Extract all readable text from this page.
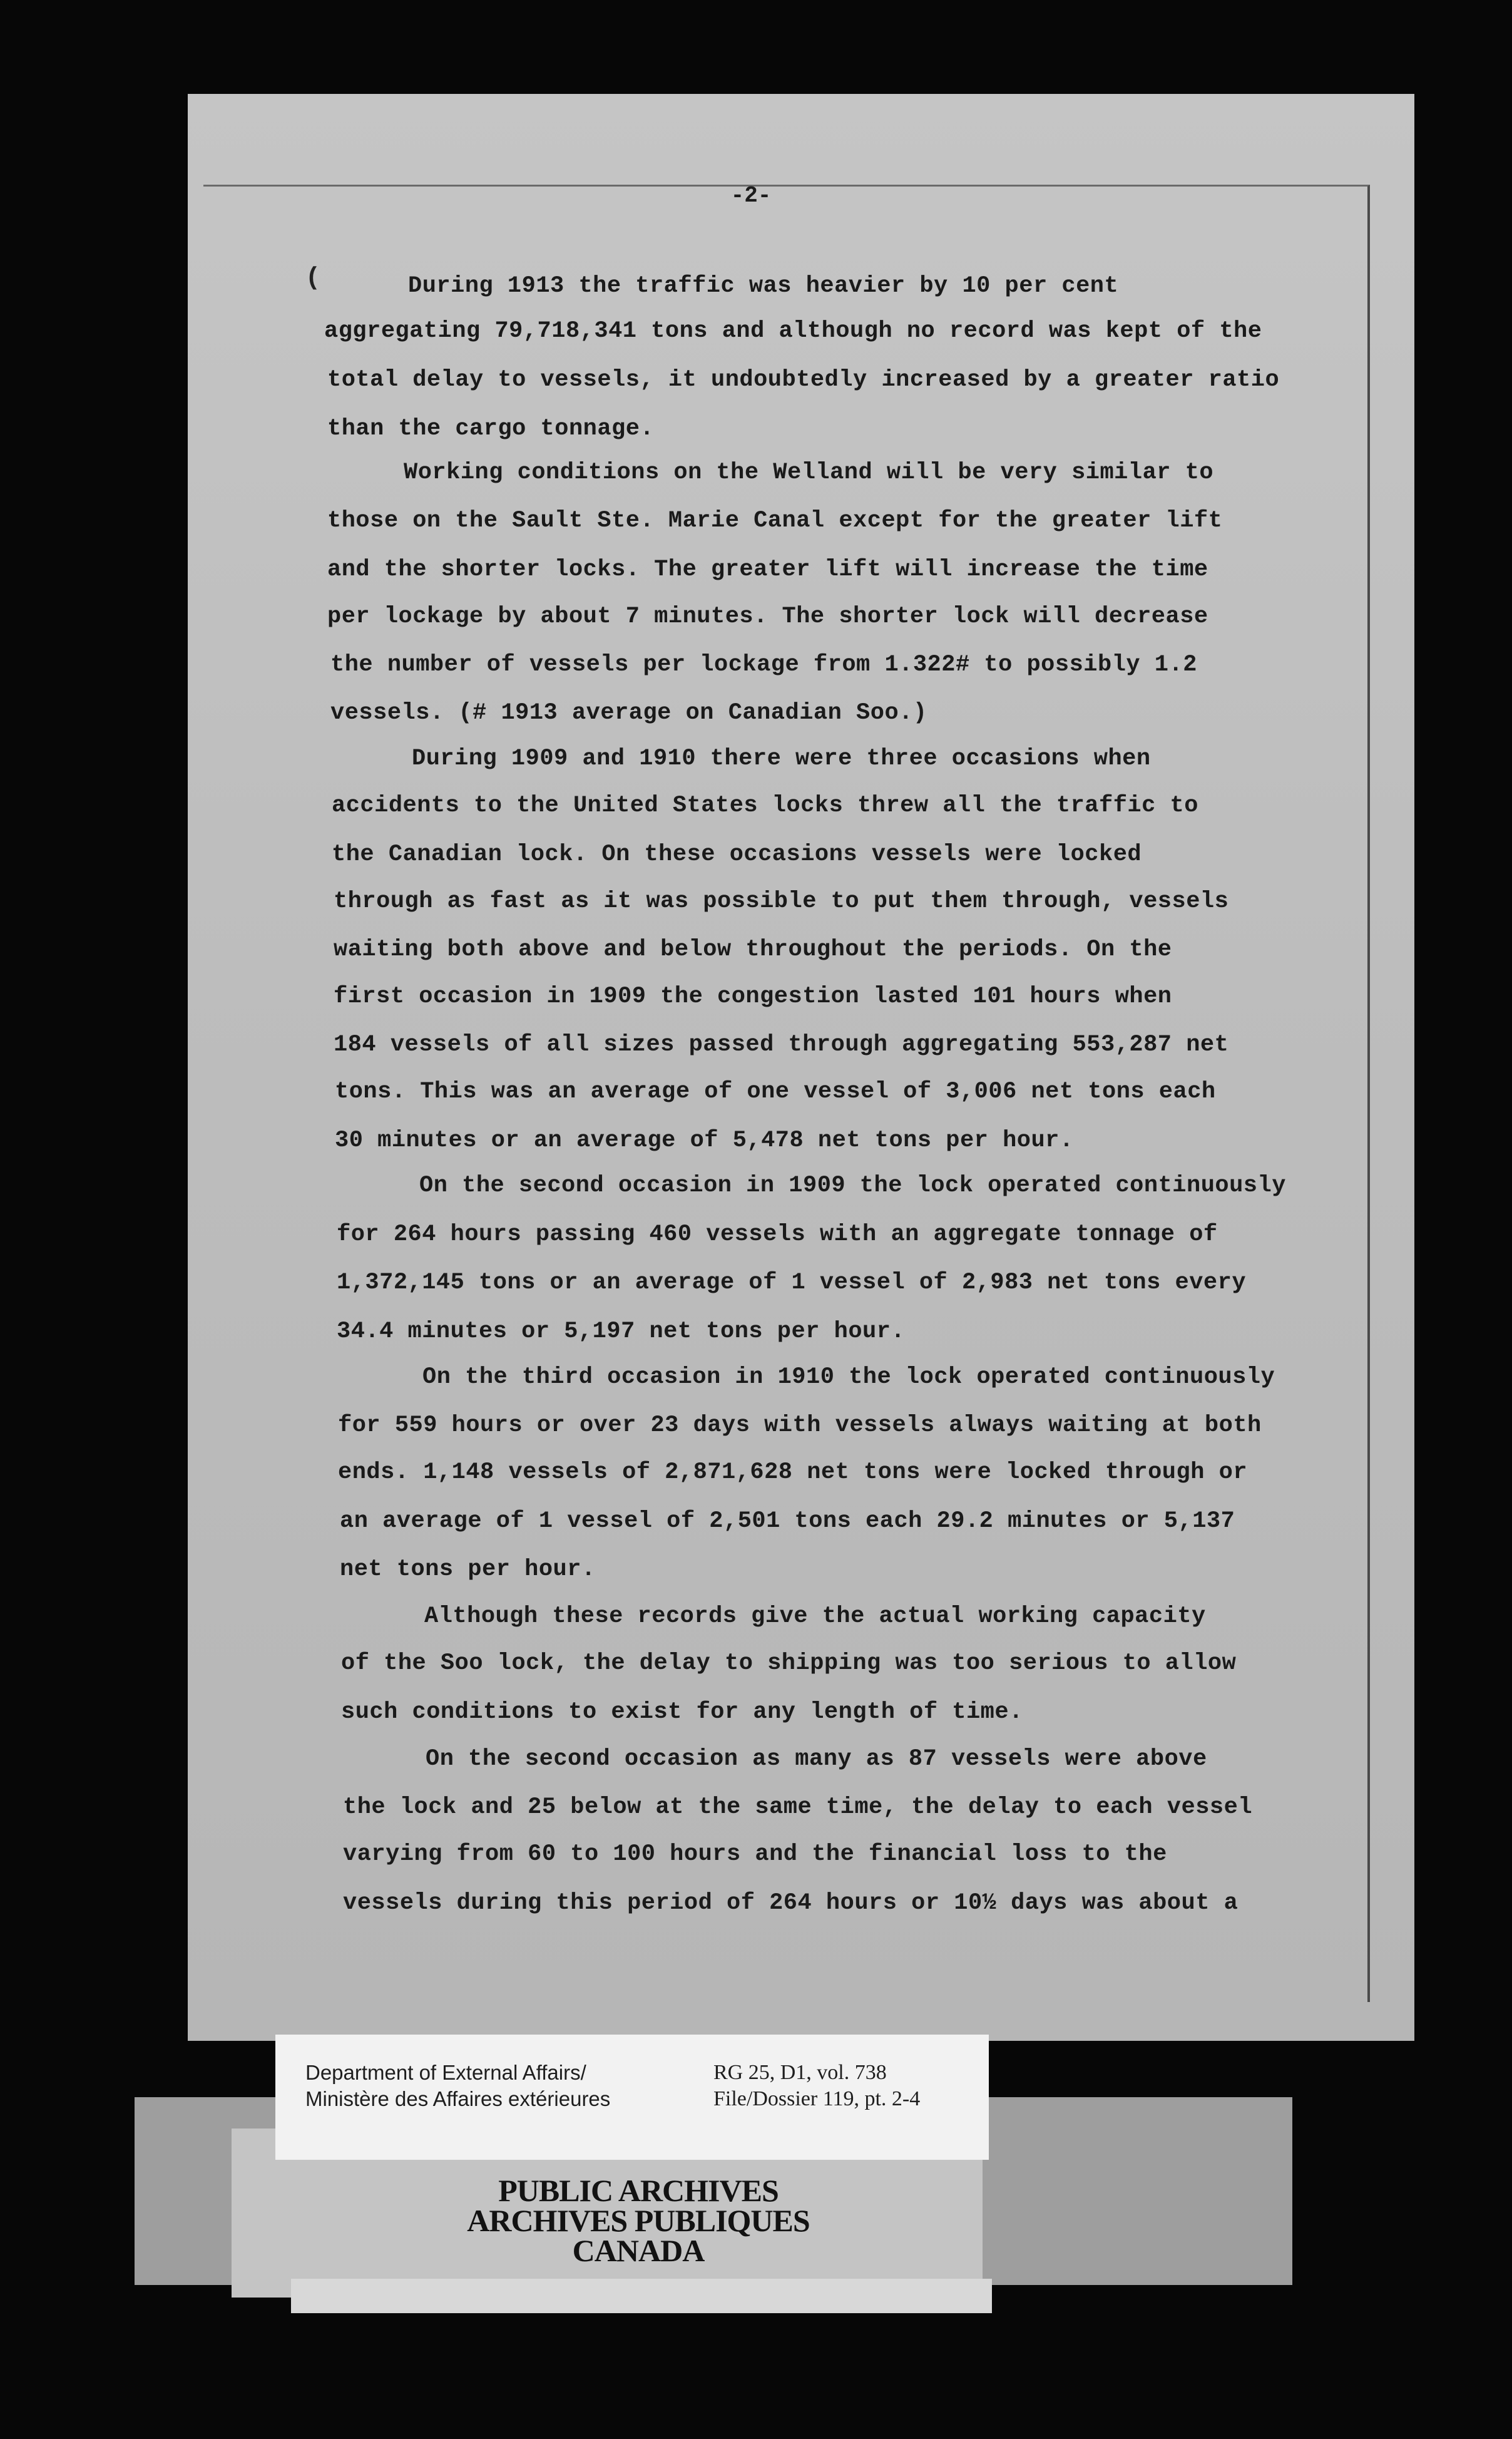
-2-
(	During 1913 the traffic was heavier by 10 per cent
aggregating 79,718,341 tons and although no record was kept of the
total delay to vessels, it undoubtedly increased by a greater ratio
than the cargo tonnage.
Working conditions on the Welland will be very similar to
those on the Sault Ste. Marie Canal except for the greater lift
and the shorter locks. The greater lift will increase the time
per lockage by about 7 minutes. The shorter lock will decrease
the number of vessels per lockage from 1.322# to possibly 1.2
vessels. (# 1913 average on Canadian Soo.)
During 1909 and 1910 there were three occasions when
accidents to the United States locks threw all the traffic to
the Canadian lock. On these occasions vessels were locked
through as fast as it was possible to put them through, vessels
waiting both above and below throughout the periods. On the
first occasion in 1909 the congestion lasted 101 hours when
184 vessels of all sizes passed through aggregating 553,287 net
tons. This was an average of one vessel of 3,006 net tons each
30 minutes or an average of 5,478 net tons per hour.
On the second occasion in 1909 the lock operated continuously
for 264 hours passing 460 vessels with an aggregate tonnage of
1,372,145 tons or an average of 1 vessel of 2,983 net tons every
34.4 minutes or 5,197 net tons per hour.
On the third occasion in 1910 the lock operated continuously
for 559 hours or over 23 days with vessels always waiting at both
ends. 1,148 vessels of 2,871,628 net tons were locked through or
an average of 1 vessel of 2,501 tons each 29.2 minutes or 5,137
net tons per hour.
Although these records give the actual working capacity
of the Soo lock, the delay to shipping was too serious to allow
such conditions to exist for any length of time.
On the second occasion as many as 87 vessels were above
the lock and 25 below at the same time, the delay to each vessel
varying from 60 to 100 hours and the financial loss to the
vessels during this period of 264 hours or 10½ days was about a
Department of External Affairs/
Ministère des Affaires extérieures
RG 25, D1, vol. 738
File/Dossier 119, pt. 2-4
PUBLIC ARCHIVES
ARCHIVES PUBLIQUES
CANADA
